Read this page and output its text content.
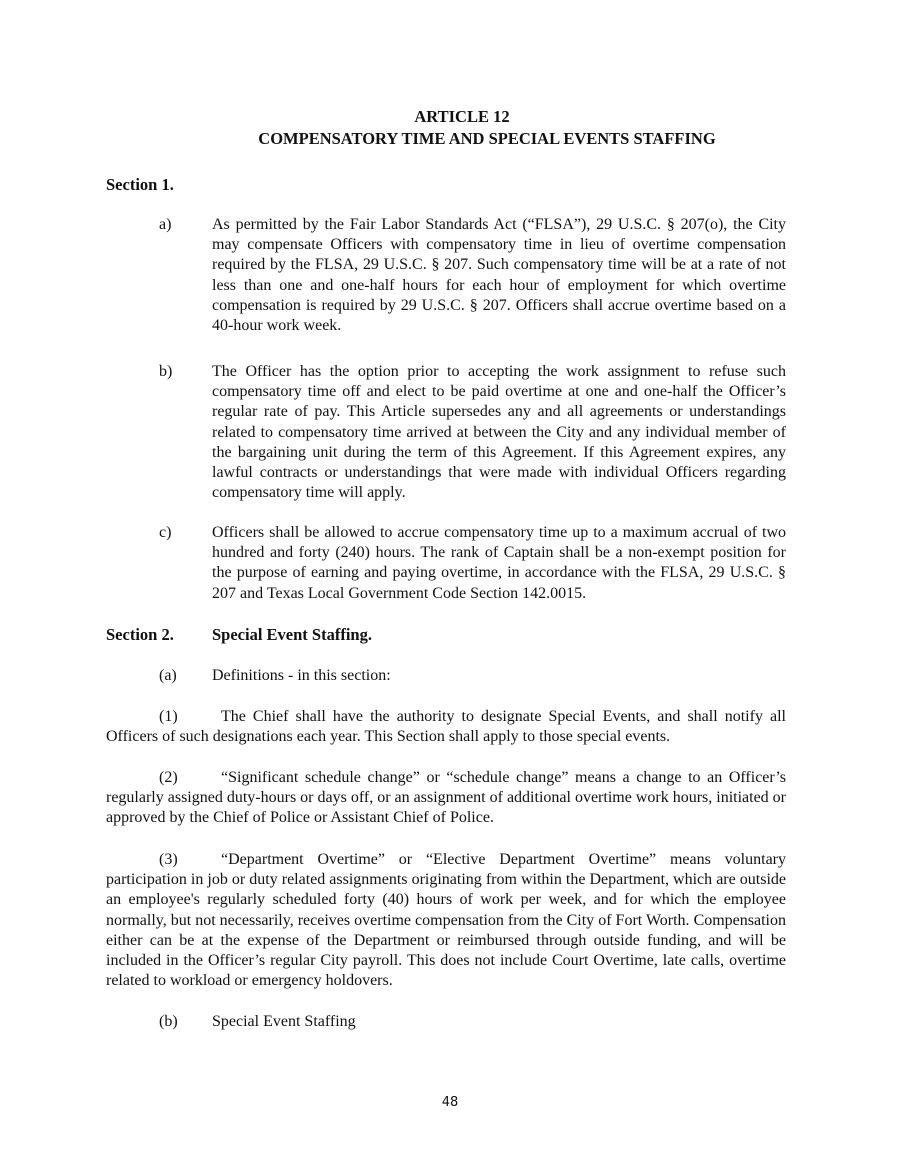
ARTICLE 12
COMPENSATORY TIME AND SPECIAL EVENTS STAFFING
Section 1.
a)	As permitted by the Fair Labor Standards Act (“FLSA”), 29 U.S.C. § 207(o), the City may compensate Officers with compensatory time in lieu of overtime compensation required by the FLSA, 29 U.S.C. § 207. Such compensatory time will be at a rate of not less than one and one-half hours for each hour of employment for which overtime compensation is required by 29 U.S.C. § 207. Officers shall accrue overtime based on a 40-hour work week.
b) The Officer has the option prior to accepting the work assignment to refuse such compensatory time off and elect to be paid overtime at one and one-half the Officer’s regular rate of pay. This Article supersedes any and all agreements or understandings related to compensatory time arrived at between the City and any individual member of the bargaining unit during the term of this Agreement. If this Agreement expires, any lawful contracts or understandings that were made with individual Officers regarding compensatory time will apply.
c)	Officers shall be allowed to accrue compensatory time up to a maximum accrual of two hundred and forty (240) hours. The rank of Captain shall be a non-exempt position for the purpose of earning and paying overtime, in accordance with the FLSA, 29 U.S.C. § 207 and Texas Local Government Code Section 142.0015.
Section 2. Special Event Staffing.
(a) Definitions - in this section:
(1)	The Chief shall have the authority to designate Special Events, and shall notify all Officers of such designations each year. This Section shall apply to those special events.
(2)	“Significant schedule change” or “schedule change” means a change to an Officer’s regularly assigned duty-hours or days off, or an assignment of additional overtime work hours, initiated or approved by the Chief of Police or Assistant Chief of Police.
(3)	“Department Overtime” or “Elective Department Overtime” means voluntary participation in job or duty related assignments originating from within the Department, which are outside an employee's regularly scheduled forty (40) hours of work per week, and for which the employee normally, but not necessarily, receives overtime compensation from the City of Fort Worth. Compensation either can be at the expense of the Department or reimbursed through outside funding, and will be included in the Officer’s regular City payroll. This does not include Court Overtime, late calls, overtime related to workload or emergency holdovers.
(b) Special Event Staffing
48
